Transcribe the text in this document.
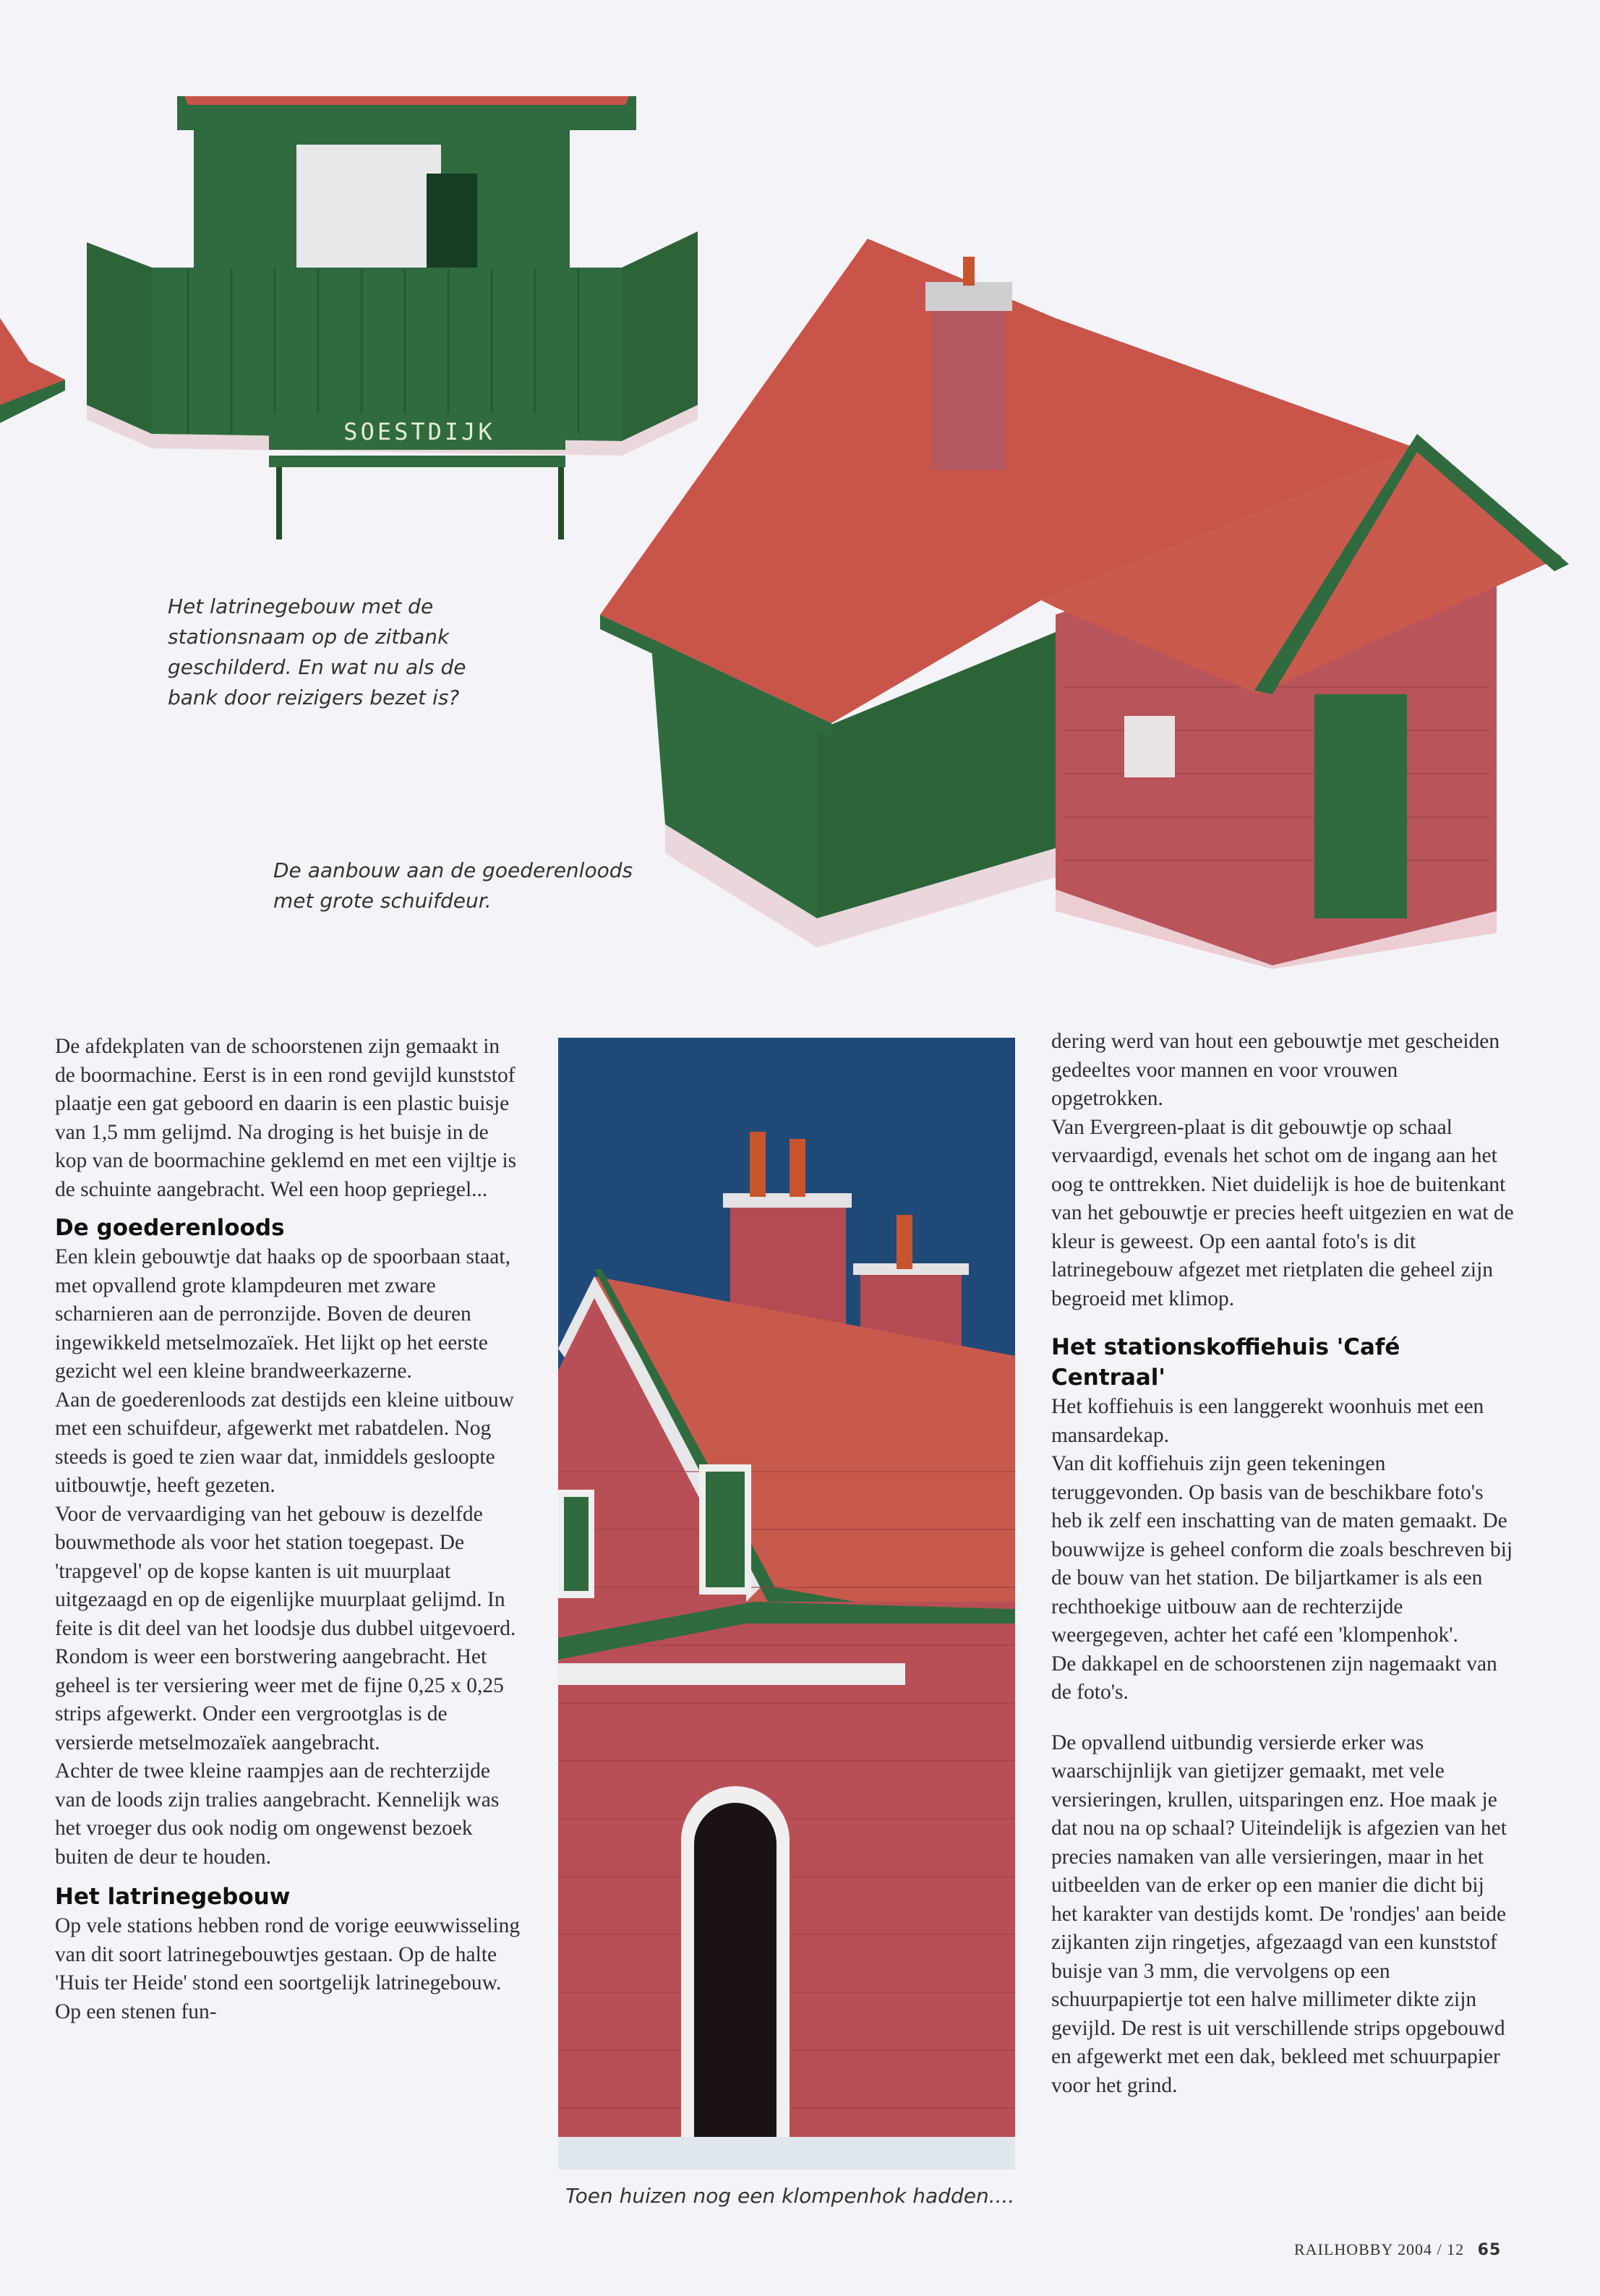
SOESTDIJK
Het latrinegebouw met de stationsnaam op de zitbank geschilderd. En wat nu als de bank door reizigers bezet is?
De aanbouw aan de goederenloods met grote schuifdeur.

De afdekplaten van de schoorstenen zijn gemaakt in de boormachine. Eerst is in een rond gevijld kunststof plaatje een gat geboord en daarin is een plastic buisje van 1,5 mm gelijmd. Na droging is het buisje in de kop van de boormachine geklemd en met een vijltje is de schuinte aangebracht. Wel een hoop gepriegel...

De goederenloods

Een klein gebouwtje dat haaks op de spoorbaan staat, met opvallend grote klampdeuren met zware scharnieren aan de perronzijde. Boven de deuren ingewikkeld metselmozaïek. Het lijkt op het eerste gezicht wel een kleine brandweerkazerne.

Aan de goederenloods zat destijds een kleine uitbouw met een schuifdeur, afgewerkt met rabatdelen. Nog steeds is goed te zien waar dat, inmiddels gesloopte uitbouwtje, heeft gezeten.

Voor de vervaardiging van het gebouw is dezelfde bouwmethode als voor het station toegepast. De 'trapgevel' op de kopse kanten is uit muurplaat uitgezaagd en op de eigenlijke muurplaat gelijmd. In feite is dit deel van het loodsje dus dubbel uitgevoerd. Rondom is weer een borstwering aangebracht. Het geheel is ter versiering weer met de fijne 0,25 x 0,25 strips afgewerkt. Onder een vergrootglas is de versierde metselmozaïek aangebracht.

Achter de twee kleine raampjes aan de rechterzijde van de loods zijn tralies aangebracht. Kennelijk was het vroeger dus ook nodig om ongewenst bezoek buiten de deur te houden.

Het latrinegebouw

Op vele stations hebben rond de vorige eeuwwisseling van dit soort latrinegebouwtjes gestaan. Op de halte 'Huis ter Heide' stond een soortgelijk latrinegebouw. Op een stenen fun-

Toen huizen nog een klompenhok hadden....

dering werd van hout een gebouwtje met gescheiden gedeeltes voor mannen en voor vrouwen opgetrokken.

Van Evergreen-plaat is dit gebouwtje op schaal vervaardigd, evenals het schot om de ingang aan het oog te onttrekken. Niet duidelijk is hoe de buitenkant van het gebouwtje er precies heeft uitgezien en wat de kleur is geweest. Op een aantal foto's is dit latrinegebouw afgezet met rietplaten die geheel zijn begroeid met klimop.

Het stationskoffiehuis 'Café Centraal'

Het koffiehuis is een langgerekt woonhuis met een mansardekap.

Van dit koffiehuis zijn geen tekeningen teruggevonden. Op basis van de beschikbare foto's heb ik zelf een inschatting van de maten gemaakt. De bouwwijze is geheel conform die zoals beschreven bij de bouw van het station. De biljartkamer is als een rechthoekige uitbouw aan de rechterzijde weergegeven, achter het café een 'klompenhok'.

De dakkapel en de schoorstenen zijn nagemaakt van de foto's.

De opvallend uitbundig versierde erker was waarschijnlijk van gietijzer gemaakt, met vele versieringen, krullen, uitsparingen enz. Hoe maak je dat nou na op schaal? Uiteindelijk is afgezien van het precies namaken van alle versieringen, maar in het uitbeelden van de erker op een manier die dicht bij het karakter van destijds komt. De 'rondjes' aan beide zijkanten zijn ringetjes, afgezaagd van een kunststof buisje van 3 mm, die vervolgens op een schuurpapiertje tot een halve millimeter dikte zijn gevijld. De rest is uit verschillende strips opgebouwd en afgewerkt met een dak, bekleed met schuurpapier voor het grind.

RAILHOBBY 2004 / 12 65
